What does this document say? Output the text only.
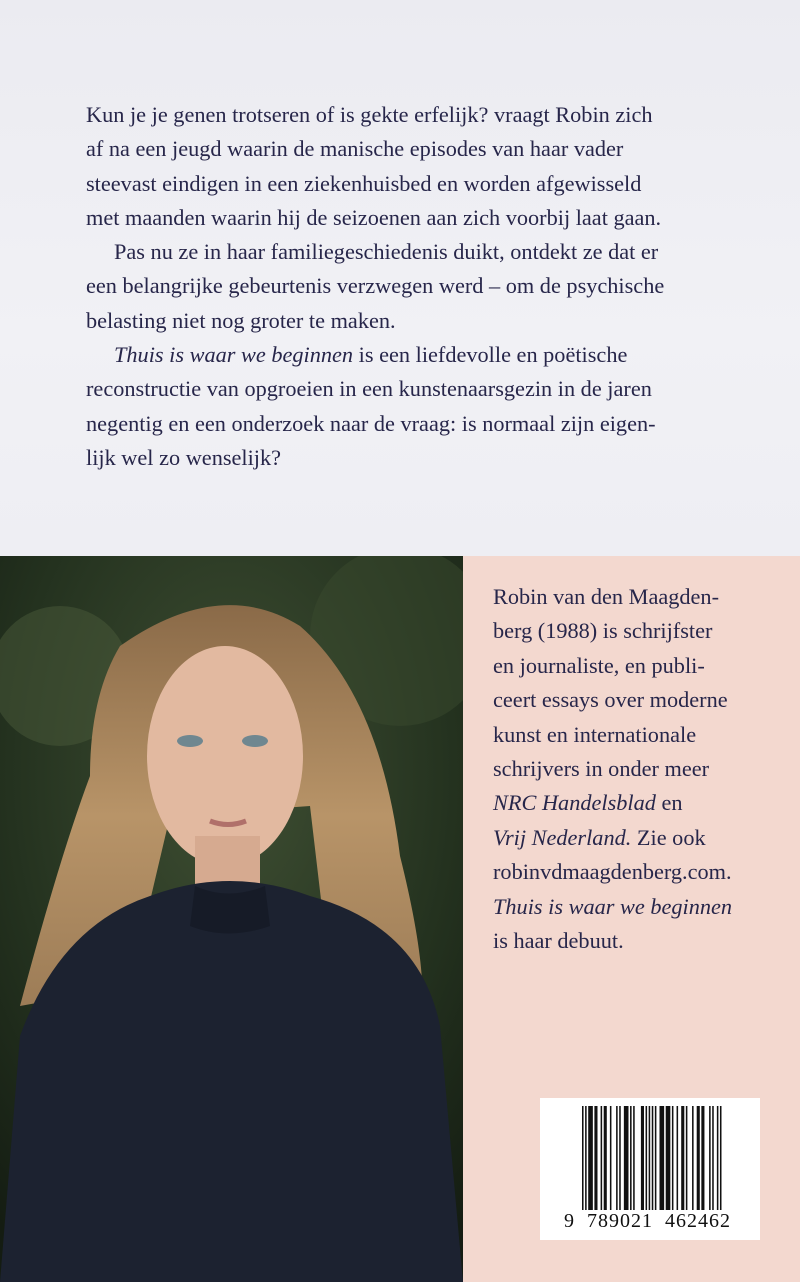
Kun je je genen trotseren of is gekte erfelijk? vraagt Robin zich
af na een jeugd waarin de manische episodes van haar vader
steevast eindigen in een ziekenhuisbed en worden afgewisseld
met maanden waarin hij de seizoenen aan zich voorbij laat gaan.
Pas nu ze in haar familiegeschiedenis duikt, ontdekt ze dat er
een belangrijke gebeurtenis verzwegen werd – om de psychische
belasting niet nog groter te maken.
Thuis is waar we beginnen is een liefdevolle en poëtische
reconstructie van opgroeien in een kunstenaarsgezin in de jaren
negentig en een onderzoek naar de vraag: is normaal zijn eigen-
lijk wel zo wenselijk?
Robin van den Maagden-
berg (1988) is schrijfster
en journaliste, en publi-
ceert essays over moderne
kunst en internationale
schrijvers in onder meer
NRC Handelsblad en
Vrij Nederland. Zie ook
robinvdmaagdenberg.com.
Thuis is waar we beginnen
is haar debuut.
9 789021 462462
